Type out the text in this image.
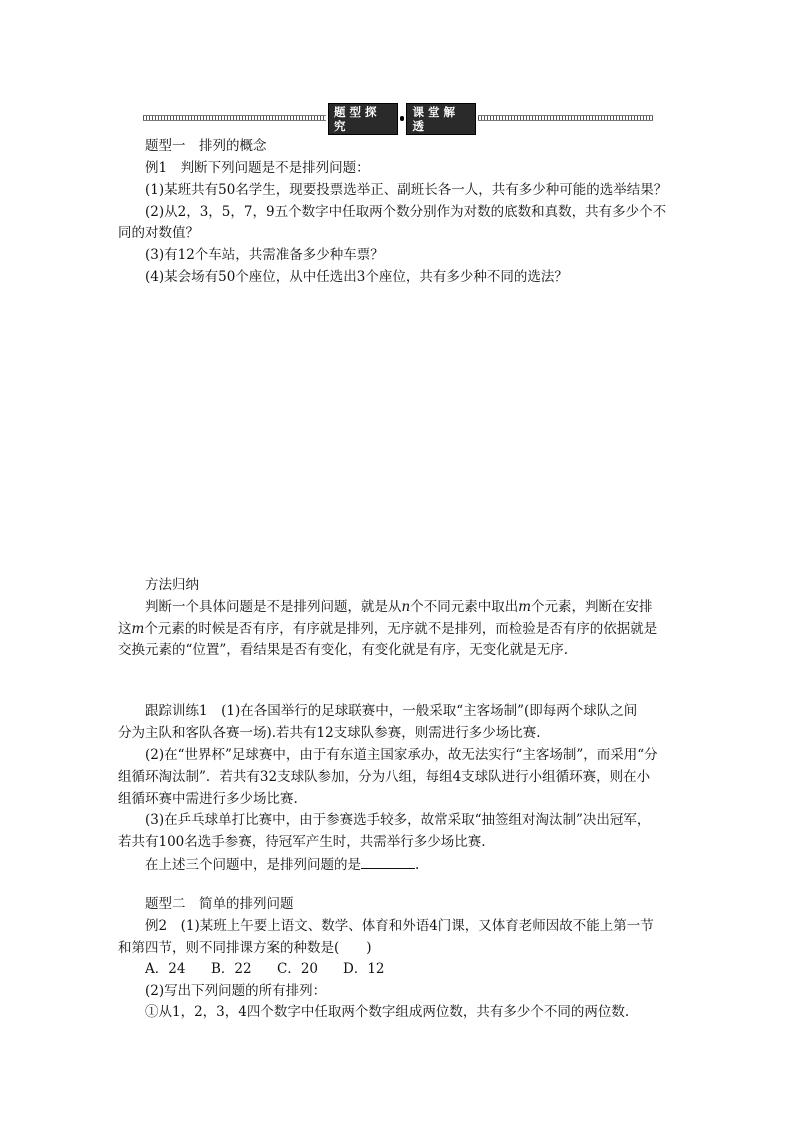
题型探究
课堂解透

题型一　排列的概念

例1　判断下列问题是不是排列问题：

(1)某班共有50名学生，现要投票选举正、副班长各一人，共有多少种可能的选举结果？

(2)从2，3，5，7，9五个数字中任取两个数分别作为对数的底数和真数，共有多少个不

同的对数值？

(3)有12个车站，共需准备多少种车票？

(4)某会场有50个座位，从中任选出3个座位，共有多少种不同的选法？

方法归纳

判断一个具体问题是不是排列问题，就是从n个不同元素中取出m个元素，判断在安排

这m个元素的时候是否有序，有序就是排列，无序就不是排列，而检验是否有序的依据就是

交换元素的“位置”，看结果是否有变化，有变化就是有序，无变化就是无序.

跟踪训练1　(1)在各国举行的足球联赛中，一般采取“主客场制”(即每两个球队之间

分为主队和客队各赛一场).若共有12支球队参赛，则需进行多少场比赛.

(2)在“世界杯”足球赛中，由于有东道主国家承办，故无法实行“主客场制”，而采用“分

组循环淘汰制”．若共有32支球队参加，分为八组，每组4支球队进行小组循环赛，则在小

组循环赛中需进行多少场比赛.

(3)在乒乓球单打比赛中，由于参赛选手较多，故常采取“抽签组对淘汰制”决出冠军，

若共有100名选手参赛，待冠军产生时，共需举行多少场比赛.

在上述三个问题中，是排列问题的是	.

题型二　简单的排列问题

例2　(1)某班上午要上语文、数学、体育和外语4门课，又体育老师因故不能上第一节

和第四节，则不同排课方案的种数是(　　)

A．24 B．22 C．20 D．12

(2)写出下列问题的所有排列：

①从1，2，3，4四个数字中任取两个数字组成两位数，共有多少个不同的两位数.
